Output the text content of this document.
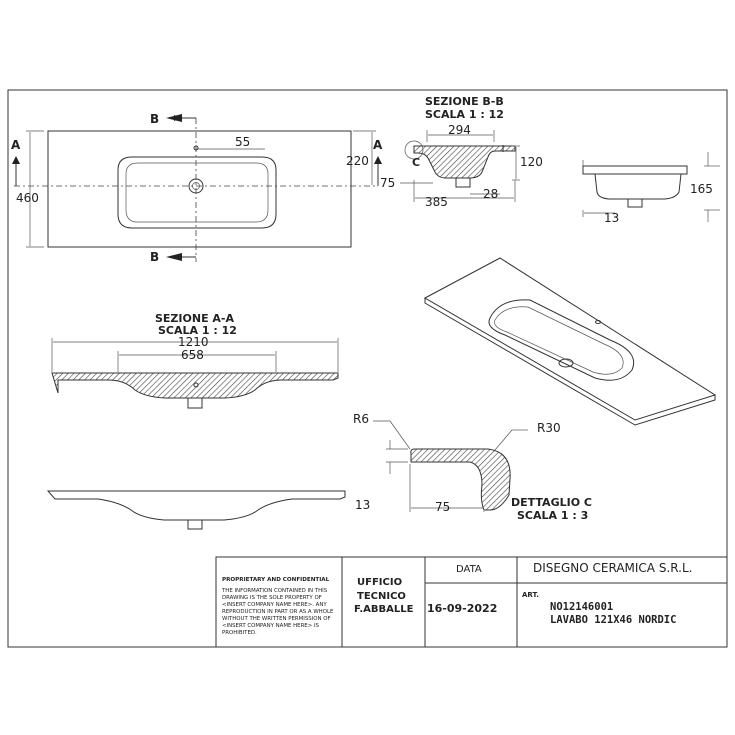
B
B
A	A
55
220
460
SEZIONE B-B
SCALA 1 : 12
294
120
75
385
28
C
165
13
SEZIONE A-A
SCALA 1 : 12
1210
658
R6
R30
13	75	DETTAGLIO C
SCALA 1 : 3
PROPRIETARY AND CONFIDENTIAL
THE INFORMATION CONTAINED IN THIS
DRAWING IS THE SOLE PROPERTY OF
<INSERT COMPANY NAME HERE>. ANY
REPRODUCTION IN PART OR AS A WHOLE
WITHOUT THE WRITTEN PERMISSION OF
<INSERT COMPANY NAME HERE> IS
PROHIBITED.
UFFICIO
TECNICO
F.ABBALLE
DATA
16-09-2022
DISEGNO CERAMICA S.R.L.
ART.
NO12146001
LAVABO 121X46 NORDIC
